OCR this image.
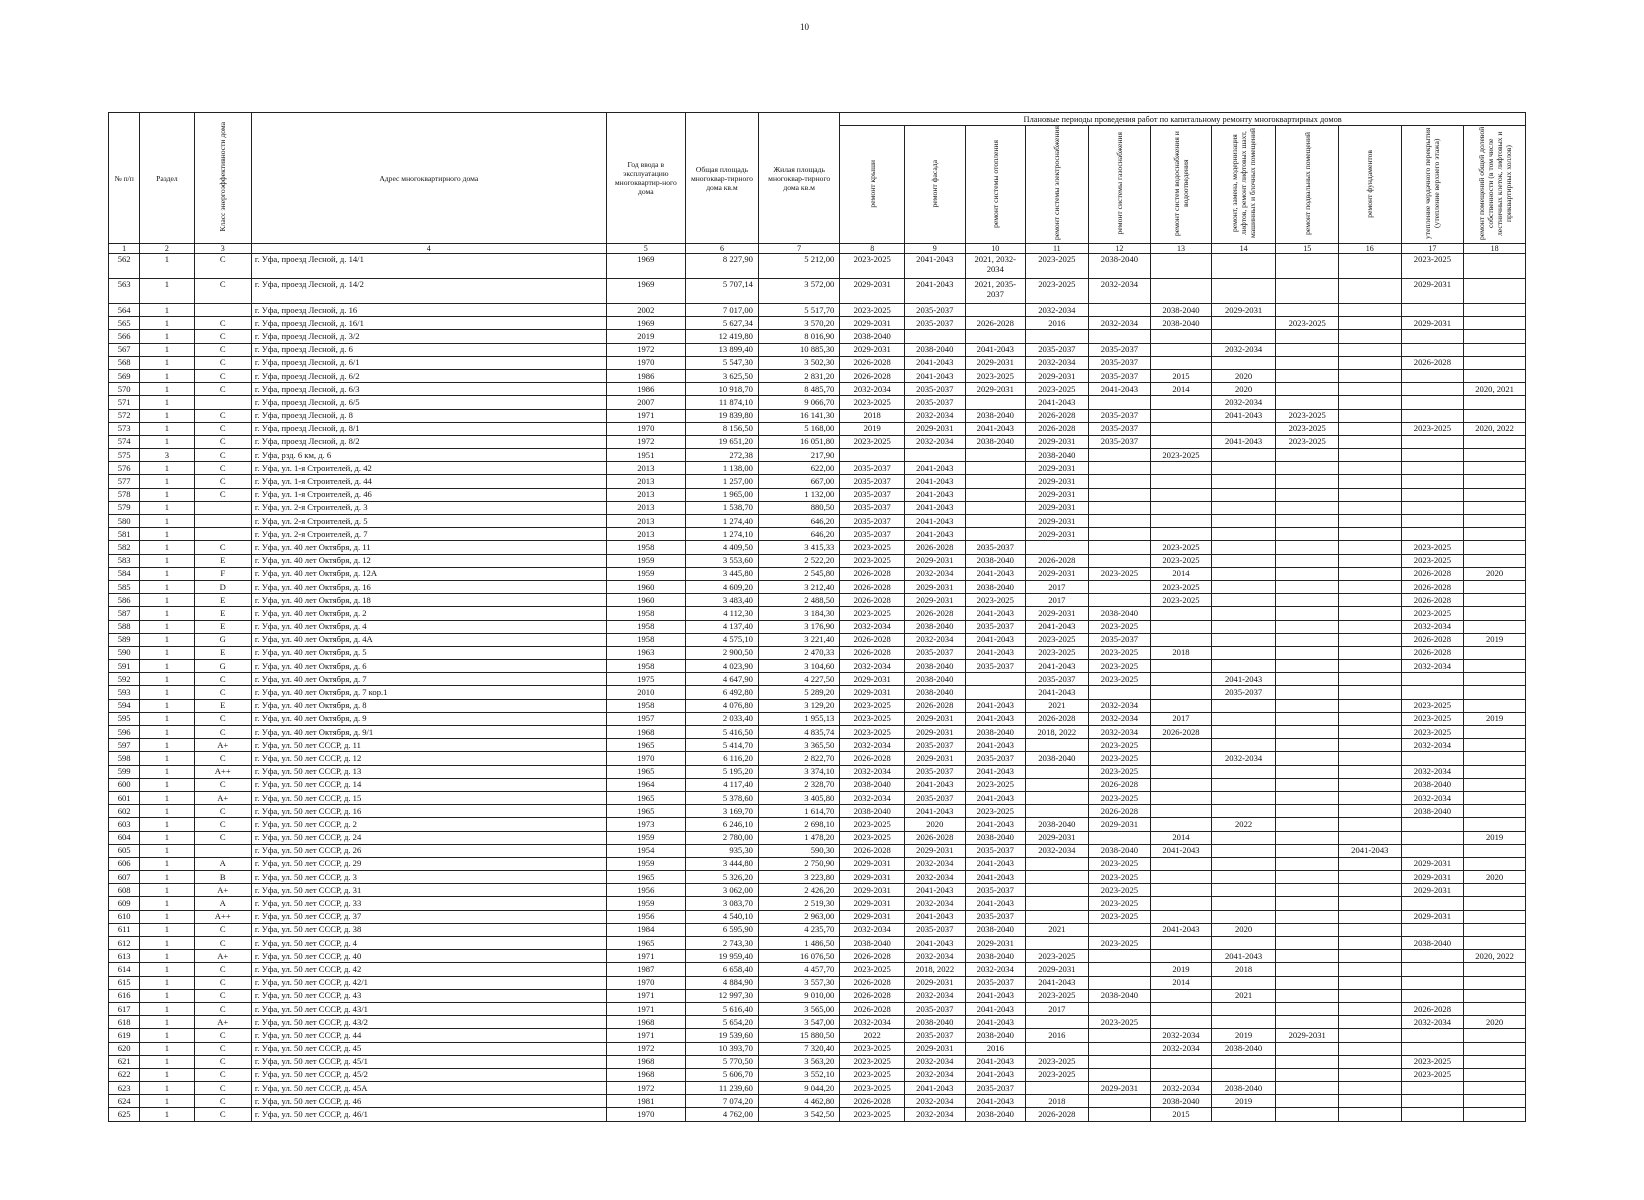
10
№ п/п	Раздел	Класс энергоэффективности дома	Адрес многоквартирного дома	Год ввода в эксплуатацию многоквартир-ного дома	Общая площадь многоквар-тирного дома кв.м	Жилая площадь многоквар-тирного дома кв.м	Плановые периоды проведения работ по капитальному ремонту многоквартирных домов										
							ремонт крыши	ремонт фасада	ремонт системы отопления	ремонт системы электроснабжения	ремонт системы газоснабжения	ремонт систем водоснабжения и водоотведения	ремонт, замена, модернизация лифтов, ремонт лифтовых шахт, машинных и блочных помещений	ремонт подвальных помещений	ремонт фундаментов	утепление чердачного перекрытия (утепление верхнего этажа)	ремонт помещений общей долевой собственности (в том числе лестничных клеток, лифтовых и приквартирных холлов)
1	2	3	4	5	6	7	8	9	10	11	12	13	14	15	16	17	18
562	1	C	г. Уфа, проезд Лесной, д. 14/1	1969	8 227,90	5 212,00	2023-2025	2041-2043	2021, 2032-2034	2023-2025	2038-2040					2023-2025	
563	1	C	г. Уфа, проезд Лесной, д. 14/2	1969	5 707,14	3 572,00	2029-2031	2041-2043	2021, 2035-2037	2023-2025	2032-2034					2029-2031	
564	1		г. Уфа, проезд Лесной, д. 16	2002	7 017,00	5 517,70	2023-2025	2035-2037		2032-2034		2038-2040	2029-2031				
565	1	C	г. Уфа, проезд Лесной, д. 16/1	1969	5 627,34	3 570,20	2029-2031	2035-2037	2026-2028	2016	2032-2034	2038-2040		2023-2025		2029-2031	
566	1	C	г. Уфа, проезд Лесной, д. 3/2	2019	12 419,80	8 016,90	2038-2040										
567	1	C	г. Уфа, проезд Лесной, д. 6	1972	13 899,40	10 885,30	2029-2031	2038-2040	2041-2043	2035-2037	2035-2037		2032-2034				
568	1	C	г. Уфа, проезд Лесной, д. 6/1	1970	5 547,30	3 502,30	2026-2028	2041-2043	2029-2031	2032-2034	2035-2037					2026-2028	
569	1	C	г. Уфа, проезд Лесной, д. 6/2	1986	3 625,50	2 831,20	2026-2028	2041-2043	2023-2025	2029-2031	2035-2037	2015	2020				
570	1	C	г. Уфа, проезд Лесной, д. 6/3	1986	10 918,70	8 485,70	2032-2034	2035-2037	2029-2031	2023-2025	2041-2043	2014	2020				2020, 2021
571	1		г. Уфа, проезд Лесной, д. 6/5	2007	11 874,10	9 066,70	2023-2025	2035-2037		2041-2043			2032-2034				
572	1	C	г. Уфа, проезд Лесной, д. 8	1971	19 839,80	16 141,30	2018	2032-2034	2038-2040	2026-2028	2035-2037		2041-2043	2023-2025			
573	1	C	г. Уфа, проезд Лесной, д. 8/1	1970	8 156,50	5 168,00	2019	2029-2031	2041-2043	2026-2028	2035-2037			2023-2025		2023-2025	2020, 2022
574	1	C	г. Уфа, проезд Лесной, д. 8/2	1972	19 651,20	16 051,80	2023-2025	2032-2034	2038-2040	2029-2031	2035-2037		2041-2043	2023-2025			
575	3	C	г. Уфа, рзд. 6 км, д. 6	1951	272,38	217,90				2038-2040		2023-2025					
576	1	C	г. Уфа, ул. 1-я Строителей, д. 42	2013	1 138,00	622,00	2035-2037	2041-2043		2029-2031							
577	1	C	г. Уфа, ул. 1-я Строителей, д. 44	2013	1 257,00	667,00	2035-2037	2041-2043		2029-2031							
578	1	C	г. Уфа, ул. 1-я Строителей, д. 46	2013	1 965,00	1 132,00	2035-2037	2041-2043		2029-2031							
579	1		г. Уфа, ул. 2-я Строителей, д. 3	2013	1 538,70	880,50	2035-2037	2041-2043		2029-2031							
580	1		г. Уфа, ул. 2-я Строителей, д. 5	2013	1 274,40	646,20	2035-2037	2041-2043		2029-2031							
581	1		г. Уфа, ул. 2-я Строителей, д. 7	2013	1 274,10	646,20	2035-2037	2041-2043		2029-2031							
582	1	C	г. Уфа, ул. 40 лет Октября, д. 11	1958	4 409,50	3 415,33	2023-2025	2026-2028	2035-2037			2023-2025				2023-2025	
583	1	E	г. Уфа, ул. 40 лет Октября, д. 12	1959	3 553,60	2 522,20	2023-2025	2029-2031	2038-2040	2026-2028		2023-2025				2023-2025	
584	1	F	г. Уфа, ул. 40 лет Октября, д. 12А	1959	3 445,80	2 545,80	2026-2028	2032-2034	2041-2043	2029-2031	2023-2025	2014				2026-2028	2020
585	1	D	г. Уфа, ул. 40 лет Октября, д. 16	1960	4 609,20	3 212,40	2026-2028	2029-2031	2038-2040	2017		2023-2025				2026-2028	
586	1	E	г. Уфа, ул. 40 лет Октября, д. 18	1960	3 483,40	2 488,50	2026-2028	2029-2031	2023-2025	2017		2023-2025				2026-2028	
587	1	E	г. Уфа, ул. 40 лет Октября, д. 2	1958	4 112,30	3 184,30	2023-2025	2026-2028	2041-2043	2029-2031	2038-2040					2023-2025	
588	1	E	г. Уфа, ул. 40 лет Октября, д. 4	1958	4 137,40	3 176,90	2032-2034	2038-2040	2035-2037	2041-2043	2023-2025					2032-2034	
589	1	G	г. Уфа, ул. 40 лет Октября, д. 4А	1958	4 575,10	3 221,40	2026-2028	2032-2034	2041-2043	2023-2025	2035-2037					2026-2028	2019
590	1	E	г. Уфа, ул. 40 лет Октября, д. 5	1963	2 900,50	2 470,33	2026-2028	2035-2037	2041-2043	2023-2025	2023-2025	2018				2026-2028	
591	1	G	г. Уфа, ул. 40 лет Октября, д. 6	1958	4 023,90	3 104,60	2032-2034	2038-2040	2035-2037	2041-2043	2023-2025					2032-2034	
592	1	C	г. Уфа, ул. 40 лет Октября, д. 7	1975	4 647,90	4 227,50	2029-2031	2038-2040		2035-2037	2023-2025		2041-2043				
593	1	C	г. Уфа, ул. 40 лет Октября, д. 7 кор.1	2010	6 492,80	5 289,20	2029-2031	2038-2040		2041-2043			2035-2037				
594	1	E	г. Уфа, ул. 40 лет Октября, д. 8	1958	4 076,80	3 129,20	2023-2025	2026-2028	2041-2043	2021	2032-2034					2023-2025	
595	1	C	г. Уфа, ул. 40 лет Октября, д. 9	1957	2 033,40	1 955,13	2023-2025	2029-2031	2041-2043	2026-2028	2032-2034	2017				2023-2025	2019
596	1	C	г. Уфа, ул. 40 лет Октября, д. 9/1	1968	5 416,50	4 835,74	2023-2025	2029-2031	2038-2040	2018, 2022	2032-2034	2026-2028				2023-2025	
597	1	A+	г. Уфа, ул. 50 лет СССР, д. 11	1965	5 414,70	3 365,50	2032-2034	2035-2037	2041-2043		2023-2025					2032-2034	
598	1	C	г. Уфа, ул. 50 лет СССР, д. 12	1970	6 116,20	2 822,70	2026-2028	2029-2031	2035-2037	2038-2040	2023-2025		2032-2034				
599	1	A++	г. Уфа, ул. 50 лет СССР, д. 13	1965	5 195,20	3 374,10	2032-2034	2035-2037	2041-2043		2023-2025					2032-2034	
600	1	C	г. Уфа, ул. 50 лет СССР, д. 14	1964	4 117,40	2 328,70	2038-2040	2041-2043	2023-2025		2026-2028					2038-2040	
601	1	A+	г. Уфа, ул. 50 лет СССР, д. 15	1965	5 378,60	3 405,80	2032-2034	2035-2037	2041-2043		2023-2025					2032-2034	
602	1	C	г. Уфа, ул. 50 лет СССР, д. 16	1965	3 169,70	1 614,70	2038-2040	2041-2043	2023-2025		2026-2028					2038-2040	
603	1	C	г. Уфа, ул. 50 лет СССР, д. 2	1973	6 246,10	2 698,10	2023-2025	2020	2041-2043	2038-2040	2029-2031		2022				
604	1	C	г. Уфа, ул. 50 лет СССР, д. 24	1959	2 780,00	1 478,20	2023-2025	2026-2028	2038-2040	2029-2031		2014					2019
605	1		г. Уфа, ул. 50 лет СССР, д. 26	1954	935,30	590,30	2026-2028	2029-2031	2035-2037	2032-2034	2038-2040	2041-2043			2041-2043		
606	1	A	г. Уфа, ул. 50 лет СССР, д. 29	1959	3 444,80	2 750,90	2029-2031	2032-2034	2041-2043		2023-2025					2029-2031	
607	1	B	г. Уфа, ул. 50 лет СССР, д. 3	1965	5 326,20	3 223,80	2029-2031	2032-2034	2041-2043		2023-2025					2029-2031	2020
608	1	A+	г. Уфа, ул. 50 лет СССР, д. 31	1956	3 062,00	2 426,20	2029-2031	2041-2043	2035-2037		2023-2025					2029-2031	
609	1	A	г. Уфа, ул. 50 лет СССР, д. 33	1959	3 083,70	2 519,30	2029-2031	2032-2034	2041-2043		2023-2025						
610	1	A++	г. Уфа, ул. 50 лет СССР, д. 37	1956	4 540,10	2 963,00	2029-2031	2041-2043	2035-2037		2023-2025					2029-2031	
611	1	C	г. Уфа, ул. 50 лет СССР, д. 38	1984	6 595,90	4 235,70	2032-2034	2035-2037	2038-2040	2021		2041-2043	2020				
612	1	C	г. Уфа, ул. 50 лет СССР, д. 4	1965	2 743,30	1 486,50	2038-2040	2041-2043	2029-2031		2023-2025					2038-2040	
613	1	A+	г. Уфа, ул. 50 лет СССР, д. 40	1971	19 959,40	16 076,50	2026-2028	2032-2034	2038-2040	2023-2025			2041-2043				2020, 2022
614	1	C	г. Уфа, ул. 50 лет СССР, д. 42	1987	6 658,40	4 457,70	2023-2025	2018, 2022	2032-2034	2029-2031		2019	2018				
615	1	C	г. Уфа, ул. 50 лет СССР, д. 42/1	1970	4 884,90	3 557,30	2026-2028	2029-2031	2035-2037	2041-2043		2014					
616	1	C	г. Уфа, ул. 50 лет СССР, д. 43	1971	12 997,30	9 010,00	2026-2028	2032-2034	2041-2043	2023-2025	2038-2040		2021				
617	1	C	г. Уфа, ул. 50 лет СССР, д. 43/1	1971	5 616,40	3 565,00	2026-2028	2035-2037	2041-2043	2017						2026-2028	
618	1	A+	г. Уфа, ул. 50 лет СССР, д. 43/2	1968	5 654,20	3 547,00	2032-2034	2038-2040	2041-2043		2023-2025					2032-2034	2020
619	1	C	г. Уфа, ул. 50 лет СССР, д. 44	1971	19 539,60	15 880,50	2022	2035-2037	2038-2040	2016		2032-2034	2019	2029-2031			
620	1	C	г. Уфа, ул. 50 лет СССР, д. 45	1972	10 393,70	7 320,40	2023-2025	2029-2031	2016			2032-2034	2038-2040				
621	1	C	г. Уфа, ул. 50 лет СССР, д. 45/1	1968	5 770,50	3 563,20	2023-2025	2032-2034	2041-2043	2023-2025						2023-2025	
622	1	C	г. Уфа, ул. 50 лет СССР, д. 45/2	1968	5 606,70	3 552,10	2023-2025	2032-2034	2041-2043	2023-2025						2023-2025	
623	1	C	г. Уфа, ул. 50 лет СССР, д. 45А	1972	11 239,60	9 044,20	2023-2025	2041-2043	2035-2037		2029-2031	2032-2034	2038-2040				
624	1	C	г. Уфа, ул. 50 лет СССР, д. 46	1981	7 074,20	4 462,80	2026-2028	2032-2034	2041-2043	2018		2038-2040	2019				
625	1	C	г. Уфа, ул. 50 лет СССР, д. 46/1	1970	4 762,00	3 542,50	2023-2025	2032-2034	2038-2040	2026-2028		2015					
